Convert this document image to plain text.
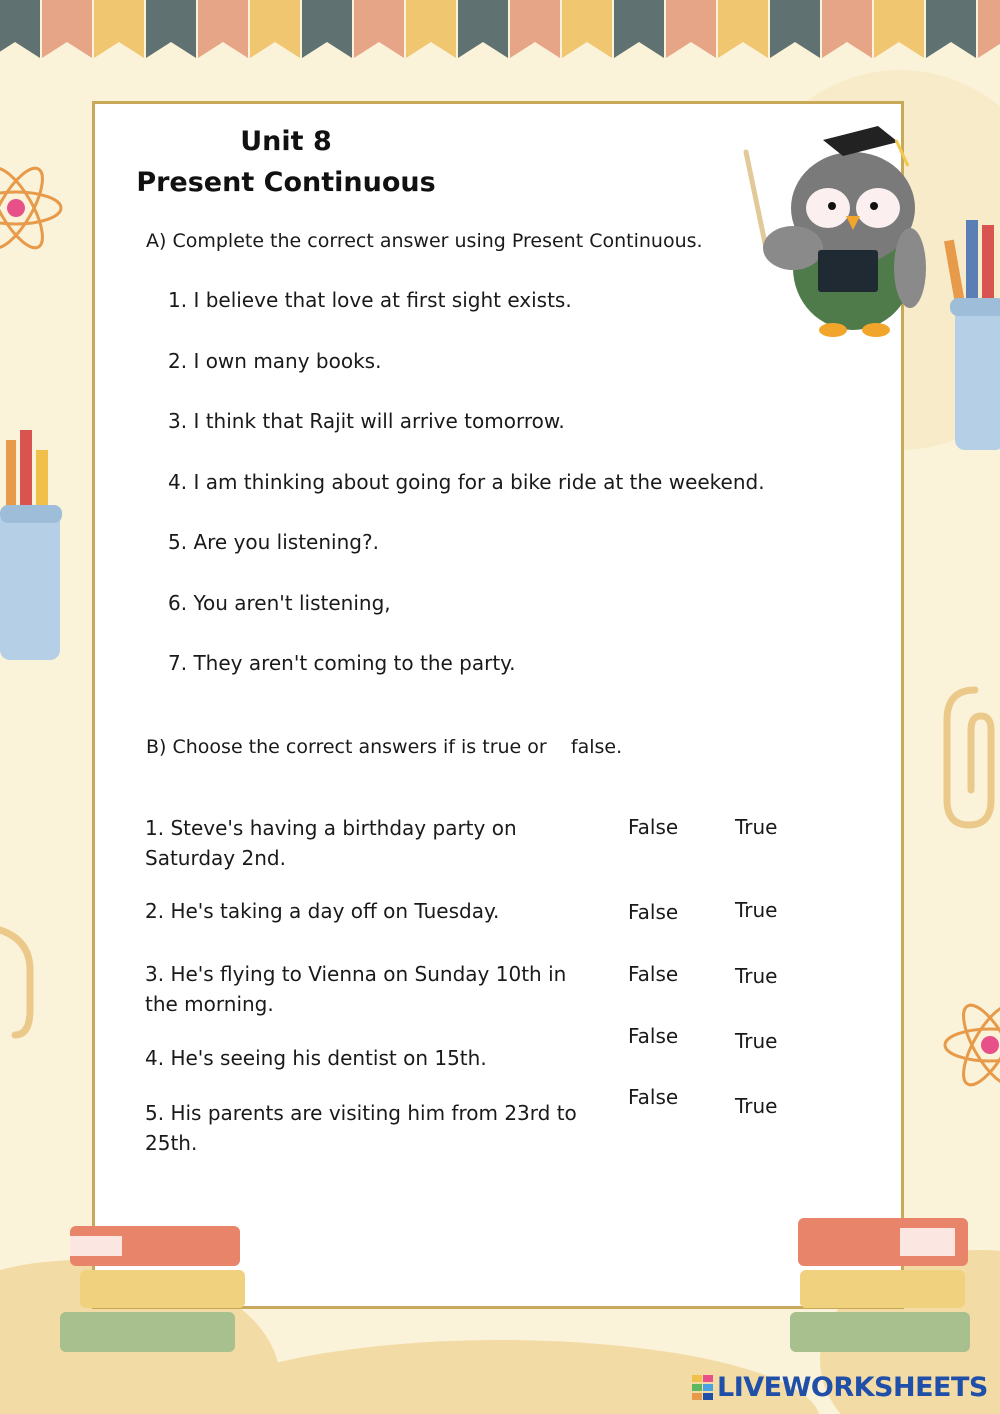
Unit 8
Present Continuous
A) Complete the correct answer using Present Continuous.
1. I believe that love at first sight exists.
2. I own many books.
3. I think that Rajit will arrive tomorrow.
4. I am thinking about going for a bike ride at the weekend.
5. Are you listening?.
6. You aren't listening,
7. They aren't coming to the party.
B) Choose the correct answers if is true or    false.
1. Steve's having a birthday party on Saturday 2nd.
False	True
2. He's taking a day off on Tuesday.	False	True
3. He's flying to Vienna on Sunday 10th in the morning.
False	True
4. He's seeing his dentist on 15th.
False	True
5. His parents are visiting him from 23rd to 25th.
False	True
LIVEWORKSHEETS
